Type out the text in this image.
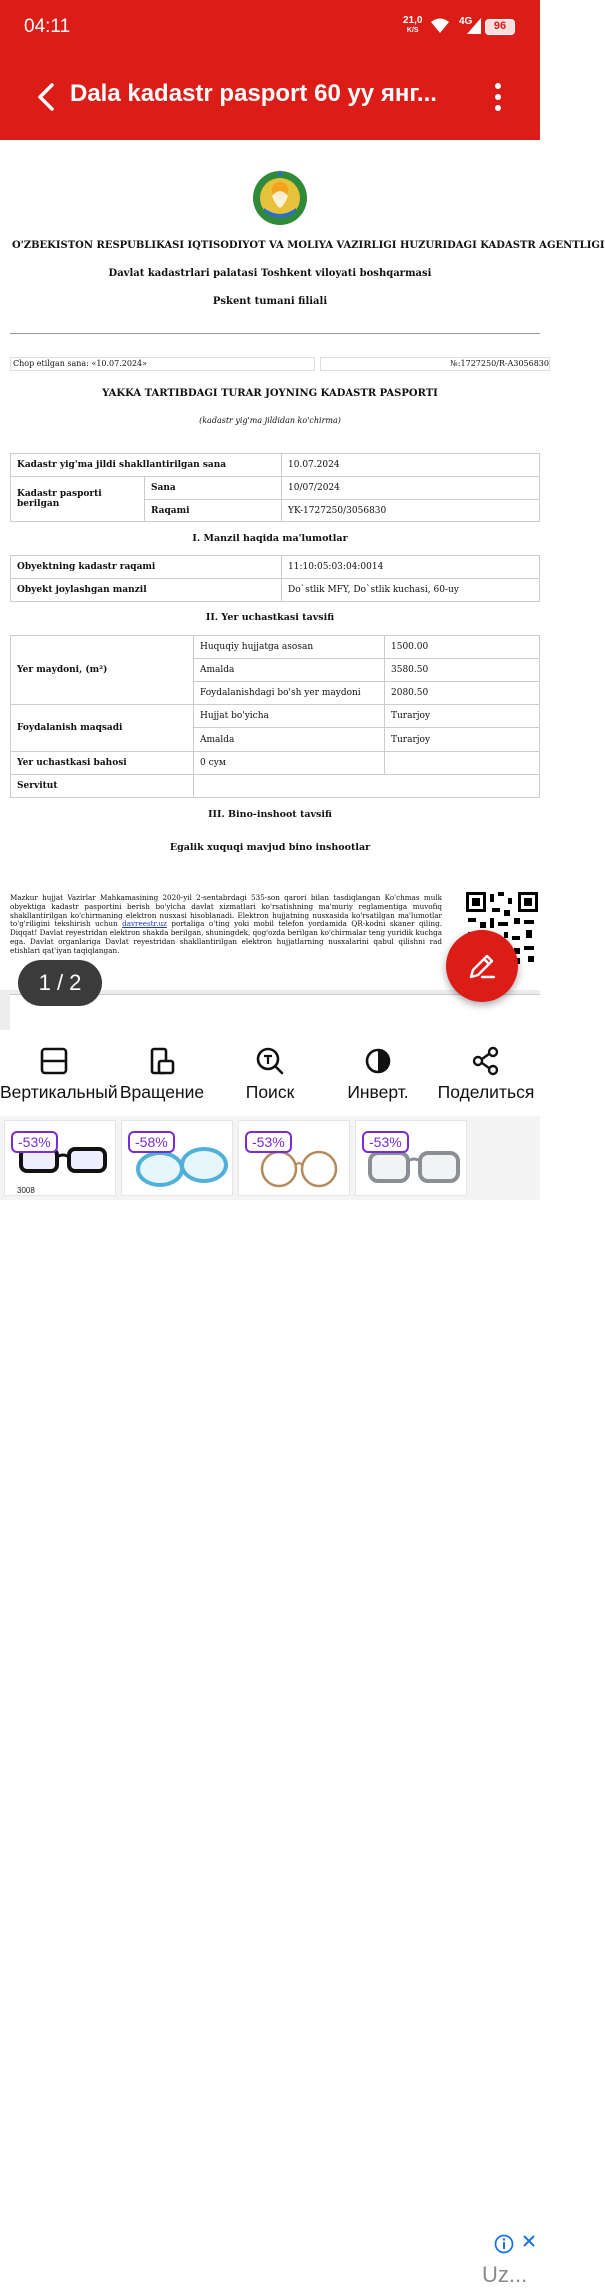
04:11	21,0
K/S
4G	96
Dala kadastr pasport 60 уу янг...
O'ZBEKISTON RESPUBLIKASI IQTISODIYOT VA MOLIYA VAZIRLIGI HUZURIDAGI KADASTR AGENTLIGI
Davlat kadastrlari palatasi Toshkent viloyati boshqarmasi
Pskent tumani filiali
Chop etilgan sana: «10.07.2024»	№:1727250/R-A3056830
YAKKA TARTIBDAGI TURAR JOYNING KADASTR PASPORTI
(kadastr yig'ma jildidan ko'chirma)
Kadastr yig'ma jildi shakllantirilgan sana	10.07.2024
Kadastr pasporti berilgan
Sana	10/07/2024
Raqami	YK-1727250/3056830
I. Manzil haqida ma'lumotlar
Obyektning kadastr raqami	11:10:05:03:04:0014
Obyekt joylashgan manzil	Do`stlik MFY, Do`stlik kuchasi, 60-uy
II. Yer uchastkasi tavsifi
Yer maydoni, (m²)
Huquqiy hujjatga asosan	1500.00
Amalda	3580.50
Foydalanishdagi bo'sh yer maydoni	2080.50
Foydalanish maqsadi
Hujjat bo'yicha	Turarjoy
Amalda	Turarjoy
Yer uchastkasi bahosi	0 сум
Servitut
III. Bino-inshoot tavsifi
Egalik xuquqi mavjud bino inshootlar
Mazkur hujjat Vazirlar Mahkamasining 2020-yil 2-sentabrdagi 535-son qarori bilan tasdiqlangan Ko'chmas mulk obyektiga kadastr pasportini berish bo'yicha davlat xizmatlari ko'rsatishning ma'muriy reglamentiga muvofiq shakllantirilgan ko'chirmaning elektron nusxasi hisoblanadi. Elektron hujjatning nusxasida ko'rsatilgan ma'lumotlar to'g'riligini tekshirish uchun davreestr.uz portaliga o'ting yoki mobil telefon yordamida QR-kodni skaner qiling. Diqqat! Davlat reyestridan elektron shakda berilgan, shuningdek, qog'ozda berilgan ko'chirmalar teng yuridik kuchga ega. Davlat organlariga Davlat reyestridan shakllantirilgan elektron hujjatlarning nusxalarini qabul qilishni rad etishlari qat'iyan taqiqlangan.
1 / 2
Вертикальный Вращение	Поиск	Инверт.	Поделиться
-53%
3008
-58%	-53%	-53%
Uz...
